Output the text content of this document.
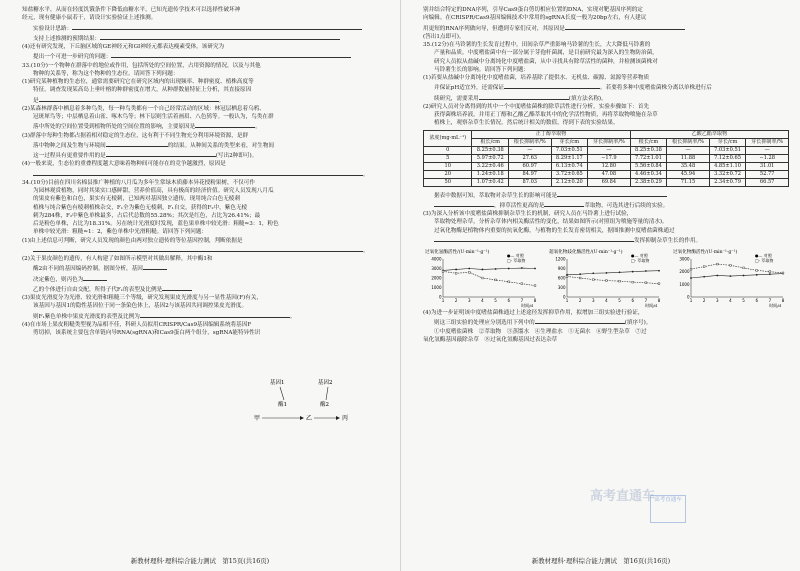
知盐糖水平，从而在轻度饥饿条件下降低血糖水平。已知光遗传学技术可以选择性破坏神

经元，现有健康小鼠若干，请设计实验验证上述推测。

实验设计思路：

支持上述推测的预期结果：

(4)还有研究发现，下丘脑区域的GE神经元和GI神经元都表达瘦素受体。该研究为

提出一个可进一步研究的问题：

33.(10分)一个物种在群落中的地位或作用，包括所处的空间位置，占用资源的情况，以及与其他

物种的关系等，称为这个物种的生态位。请回答下列问题：

(1)研究某种植物的生态位，通常需要研究它在研究区域内的出现频率、种群密度、植株高度等

特征。调查发现某高岛上垂叶榕的种群密度在增大，从种群数量特征上分析，其直接原因

是	。

(2)某森林群落中栖息着多种鸟类，每一种鸟类都有一个自己经常活动的区域：林冠层栖息着乌鸦、

冠斑犀鸟等；中层栖息着山雀、啄木鸟等；林下层则生活着画眉、八色鸫等。一般认为，鸟类在群

落中所处的空间位置受到植物所处的空间位置的影响，主要原因是	。

(3)群落中每种生物都占据着相对稳定的生态位，这有利于不同生物充分利用环境资源，是群

落中物种之间及生物与环境间	的结果。从种间关系的类型来看，对生物间

这一过程具有更重要作用的是	(写出2种即可)。

(4)一般来说，生态位的重叠程度越大意味着物种间可能存在的竞争越激烈，原因是

。

34.(10分)目前在四川名棉县推广种植的八月瓜为多年生常绿木质藤本异花授粉果树，不仅可作

为园林观赏植物，同时其果实口感鲜甜，营养价值高，具有极高的经济价值。研究人员发现八月瓜

的果皮有紫色和白色，果实有无棱刺，已知两对基因独立遗传，现用纯合白色无棱刺

植株与纯合紫色有棱刺植株杂交，F₁全为紫色无棱刺，F₁自交，获得的F₂中，紫色无棱

刺为284株，F₂中紫色单株最多，占后代总数的55.28%；其次是红色，占比为26.41%；最

后是粉色单株，占比为18.31%。另在统计光滑度时发现，蓝色果单株中较光滑：粗糙≈3：1，粉色

单株中较光滑：粗糙≈1：2，紫色单株中光滑粗糙。请回答下列问题：

(1)由上述信息可判断，研究人员发现的颜色由两对独立遗传的等位基因控制，判断依据是

。

(2)关于果皮颜色的遗传，有人构建了如图所示模型对其做出解释，其中酶1和

酶2由不同的基因编码控制。据图分析，基因

决定紫色，则丙色为

乙的个体进行自由交配，所得子代F₁的表型及比例是

(3)果皮光滑度分为光滑、较光滑和粗糙三个等级，研究发现果皮光滑度与另一显性基因(F)有关，

该基因与基因1的隐性基因位于同一条染色体上，基因2与该基因共同调控果皮光滑度。

则F₁紫色单株中果皮光滑度的表型及比例为	。

(4)在市场上果皮粗糙类型视为品相不佳，科研人员拟用CRISPR/Cas9基因编辑系统将基因F

剪切掉，该系统主要包含单链向导RNA(sgRNA)和Cas9蛋白两个组分，sgRNA能特异性识

基因1	基因2
酶1	酶2
甲	乙	丙
新教材理科·理科综合能力测试　第15页(共16页)

别并结合特定的DNA序列，引导Cas9蛋白剪切相应位置的DNA，实现对靶基因序列的定

向编辑。在CRISPR/Cas9基因编辑技术中常用的sgRNA长度一般为20bp左右，有人建议

用更短的RNA序列做向导，但遭到专家们反对，其原因是

(答出1点即可)。

35.(12分)在马铃薯的生长发育过程中，田间杂草严重影响马铃薯的生长，大大降低马铃薯的

产量和品质。中度嗜盐菌中有一部分属于芽孢杆菌属，是目前研究最为深入的生物防治菌，

研究人员拟从盐碱中分离纯化中度嗜盐菌，从中寻找具有除草活性的菌种，并检测该菌株对

马铃薯生长的影响。请回答下列问题：

(1)若要从盐碱中分离纯化中度嗜盐菌，培养基除了提供水、无机盐、碳源、氮源等营养物质

并保证pH适宜外，还需保证	。若要将多种中度嗜盐菌株分离以单株进行后

续研究，需要采用	(填方法名称)。

(2)研究人员对分离得到的其中一个中度嗜盐菌株的除草活性进行分析，实验步骤如下：首先

获得菌株培养液，并用正丁醇和乙酸乙酯萃取其中的化学活性物质，再将萃取物喷施在杂草

植株上，观察杂草生长情况，然后统计相关的数值，得到下表的实验结果。

浓度(mg·mL⁻¹)	正丁醇萃取物				乙酸乙酯萃取物			
	根长/cm	根长抑制率/%	芽长/cm	芽长抑制率/%	根长/cm	根长抑制率/%	芽长/cm	芽长抑制率/%
0	8.25±0.38	—	7.03±0.51	—	8.25±0.38	—	7.03±0.51	—
5	5.97±0.72	27.63	8.29±1.17	−17.9	7.72±1.01	11.88	7.12±0.65	−1.28
10	3.22±0.46	60.97	6.13±0.74	12.80	5.56±0.84	35.48	4.85±1.10	31.01
20	1.24±0.18	84.97	3.72±0.65	47.08	4.46±0.34	45.94	3.32±0.72	52.77
50	1.07±0.42	87.03	2.12±0.20	69.84	2.38±0.29	71.15	2.34±0.79	66.57

据表中数据可知，萃取物对杂草生长的影响可能是

，抑草活性更高的是	萃取物，可选其进行后续的实验。

(3)为深入分析该中度嗜盐菌株抑制杂草生长的机制，研究人员在马铃薯上进行试验，

萃取物处理杂草，分析杂草体内相关酶活性的变化，结果如图所示(对照组为喷施等量的清水)。

过氧化物酶是植物体内重要的抗氧化酶，与植物的生长发育密切相关，据图推测中度嗜盐菌株通过

发挥抑制杂草生长的作用。

过氧化氢酶活性/(U·min⁻¹·g⁻¹)
4000
3000
2000
1000
0
1	2	3	4	5	6	7	8
时间/d
●— 对照
□- 萃取物
超氧化物歧化酶活性/(U·min⁻¹·g⁻¹)
1200
900
600
300
0
1	2	3	4	5	6	7	8
时间/d
●— 对照
□- 萃取物
过氧化物酶活性/(U·min⁻¹·g⁻¹)
3000
2000
1000
0
1	2	3	4	5	6	7	8
时间/d
●— 对照
□- 萃取物

(4)为进一步证明该中度嗜盐菌株通过上述途径发挥抑草作用，拟增加三组实验进行验证，

则这三组实验的处理应分别选用下列中的	(填序号)。

①中度嗜盐菌株　②萃取物　③蒸馏水　④生理盐水　⑤无菌水　⑥野生型杂草　⑦过

氧化氢酶基因敲除杂草　⑧过氧化氢酶基因过表达杂草

新教材理科·理科综合能力测试　第16页(共16页)
高考直通车 高考直通车
